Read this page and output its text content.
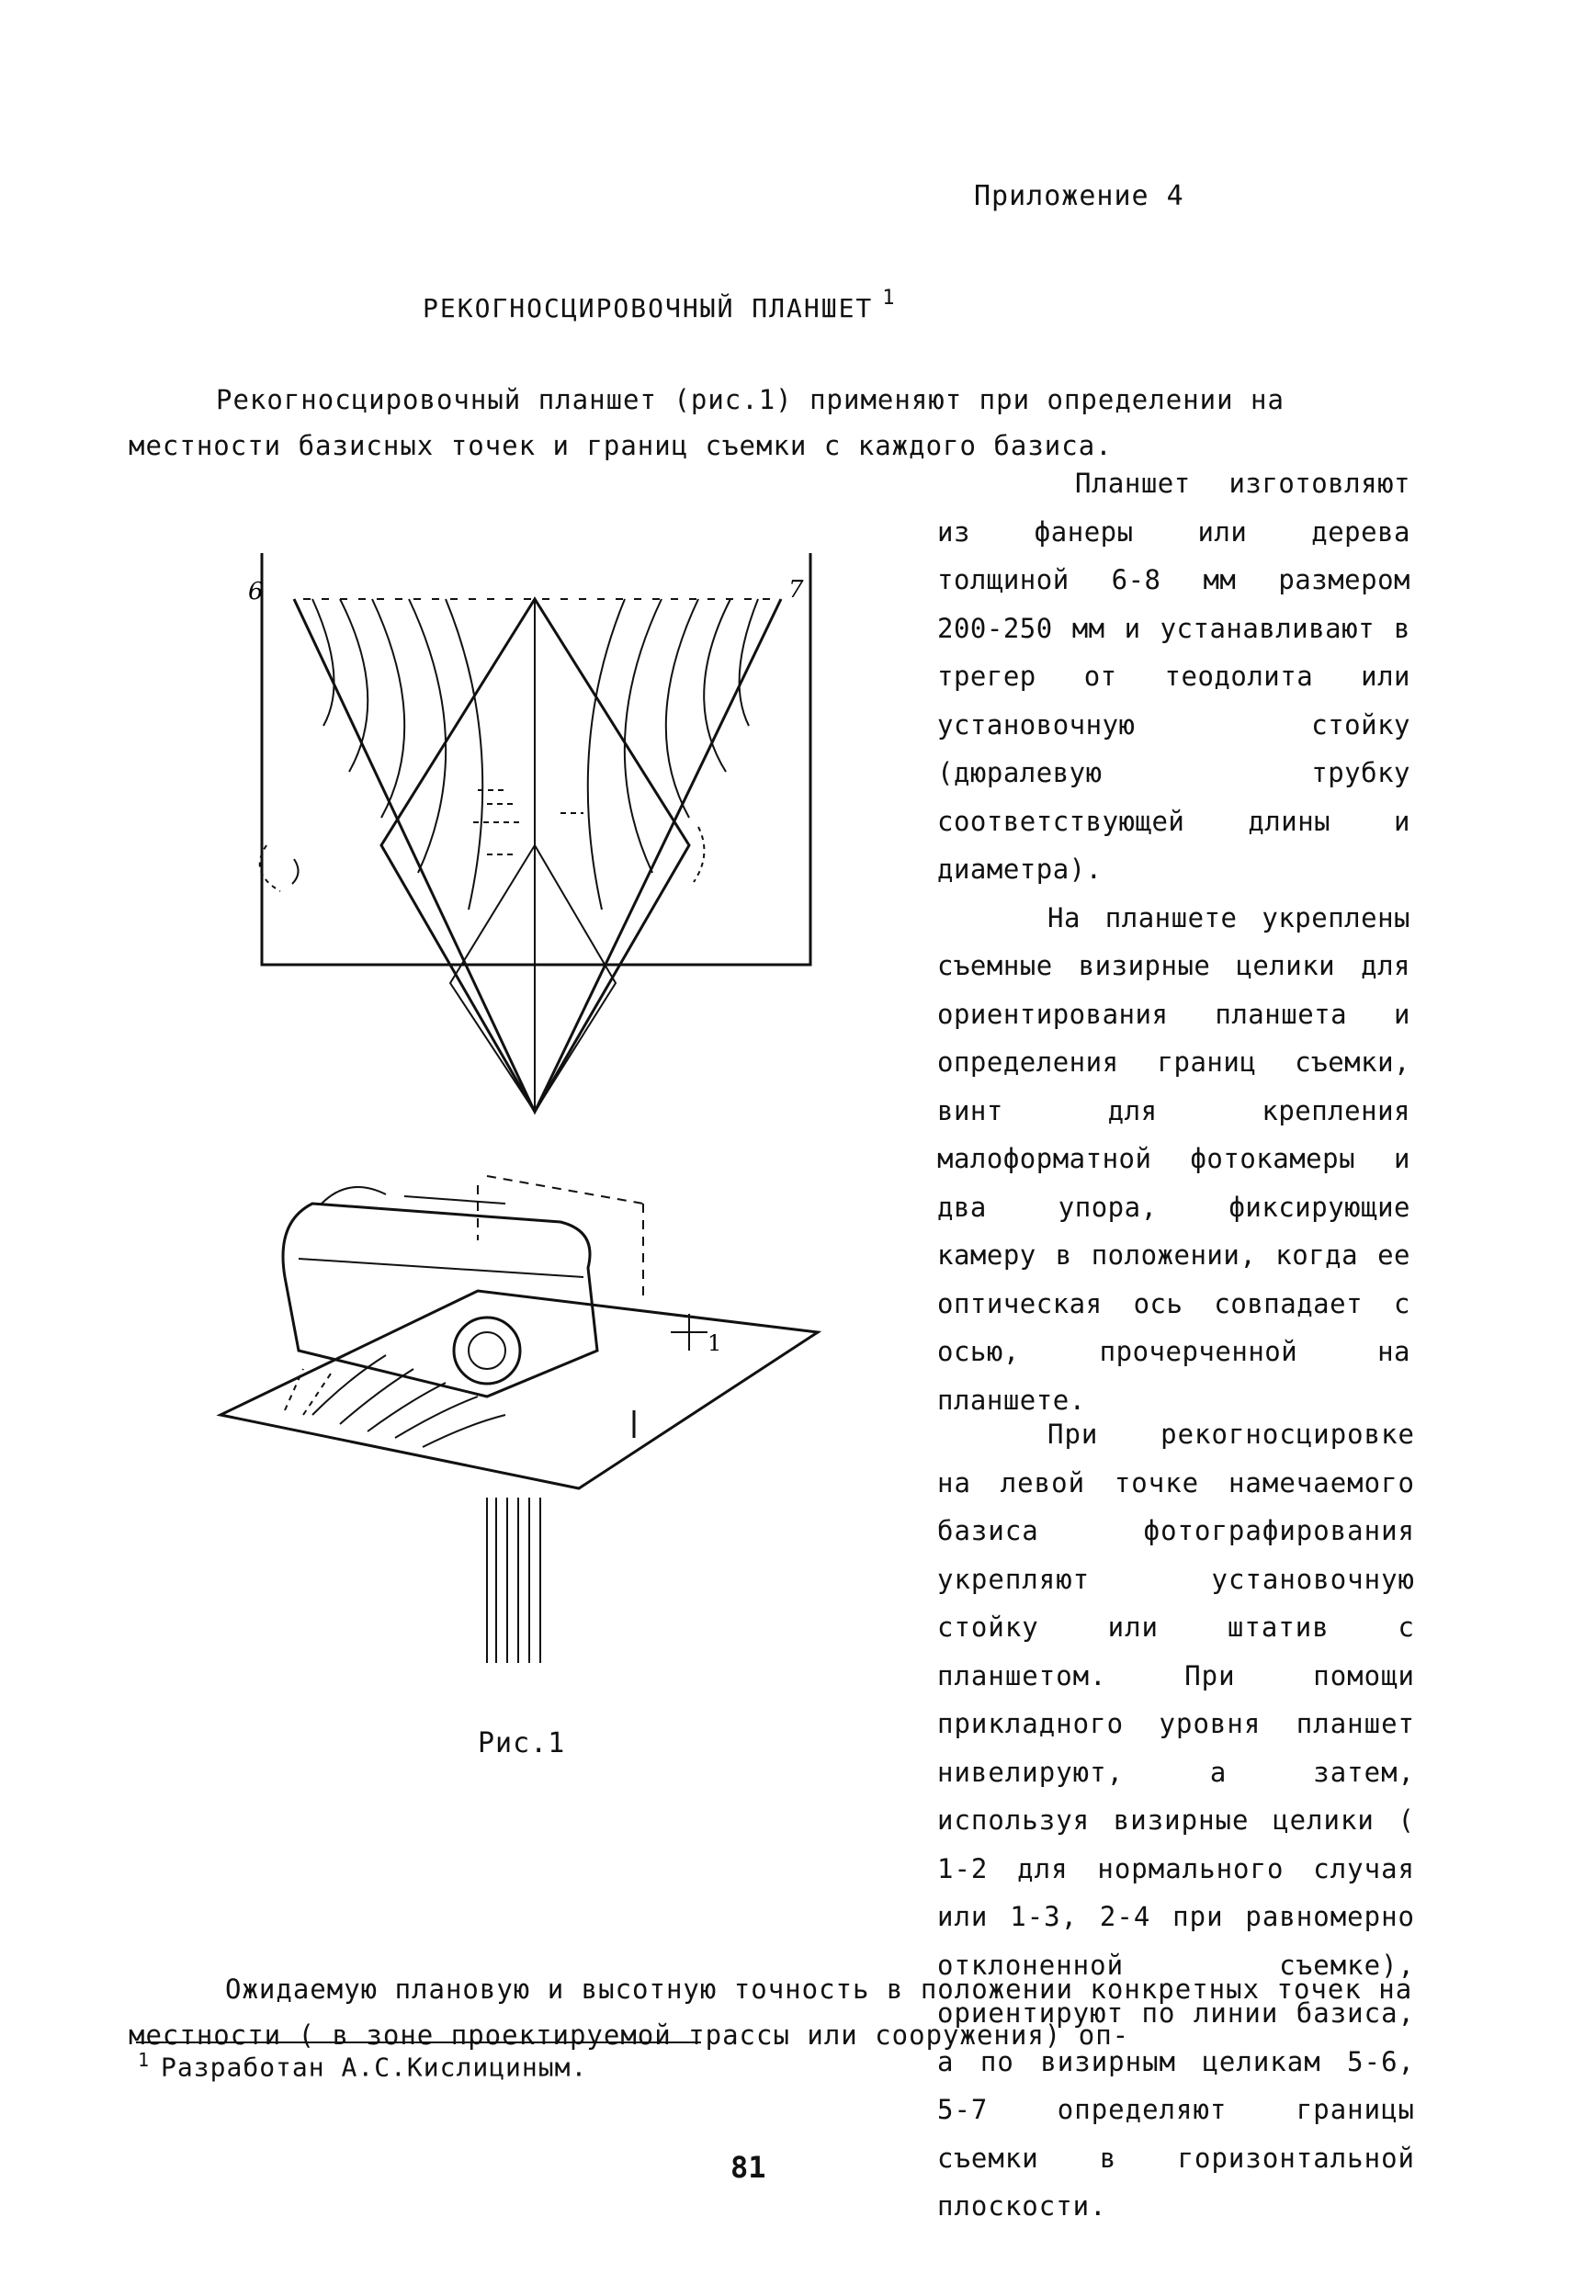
Приложение 4
РЕКОГНОСЦИРОВОЧНЫЙ ПЛАНШЕТ $^1$

Рекогносцировочный планшет (рис.1) применяют при определении на местности базисных точек и границ съемки с каждого базиса.

6	7
1

Планшет изготовляют из фанеры или дерева толщиной 6-8 мм размером 200-250 мм и устанавливают в трегер от теодолита или установочную стойку (дюралевую трубку соответствующей длины и диаметра).

На планшете укреплены съемные визирные целики для ориентирования планшета и определения границ съемки, винт для крепления малоформатной фотокамеры и два упора, фиксирующие камеру в положении, когда ее оптическая ось совпадает с осью, прочерченной на планшете.

Рис.1

При рекогносцировке на левой точке намечаемого базиса фотографирования укрепляют установочную стойку или штатив с планшетом. При помощи прикладного уровня планшет нивелируют, а затем, используя визирные целики ( 1-2 для нормального случая или 1-3, 2-4 при равномерно отклоненной съемке), ориентируют по линии базиса, а по визирным целикам 5-6, 5-7 определяют границы съемки в горизонтальной плоскости.

Ожидаемую плановую и высотную точность в положении конкретных точек на местности ( в зоне проектируемой трассы или сооружения) оп-

$^1$ Разработан А.С.Кислициным.
81
